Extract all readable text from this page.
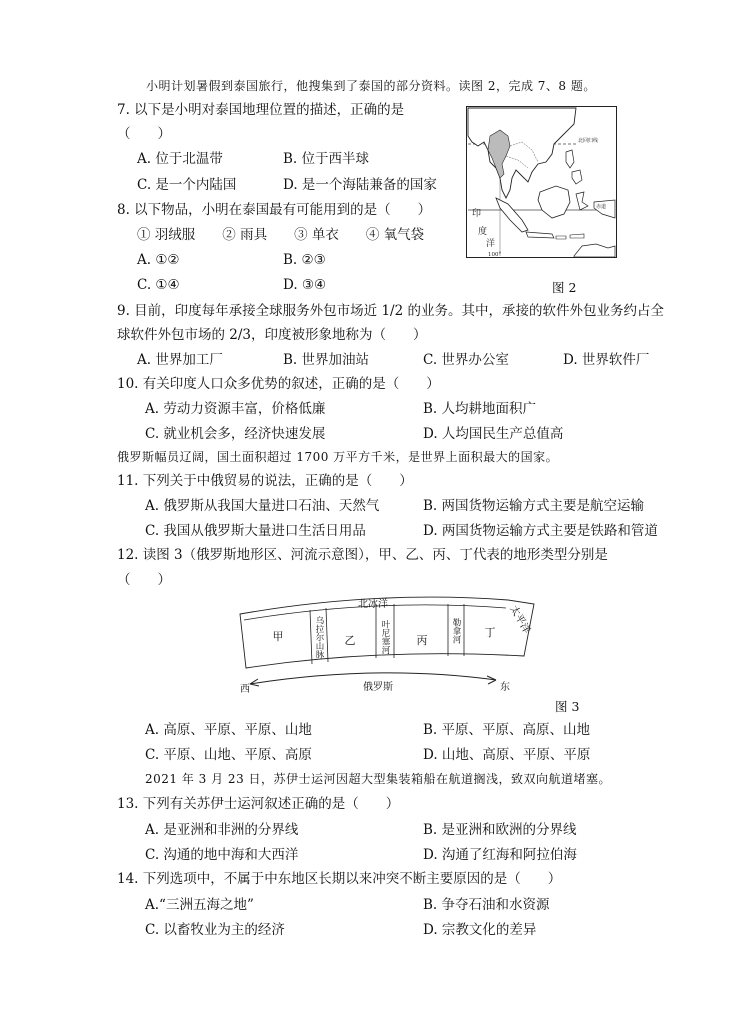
小明计划暑假到泰国旅行，他搜集到了泰国的部分资料。读图 2，完成 7、8 题。
7. 以下是小明对泰国地理位置的描述，正确的是
（　　）
A. 位于北温带	B. 位于西半球
C. 是一个内陆国	D. 是一个海陆兼备的国家
8. 以下物品，小明在泰国最有可能用到的是（　　）
① 羽绒服　　② 雨具　　③ 单衣　　④ 氧气袋
A. ①②	B. ②③
C. ①④	D. ③④
北回归线
赤道
印
度
洋
100°
图 2
9. 目前，印度每年承接全球服务外包市场近 1/2 的业务。其中，承接的软件外包业务约占全
球软件外包市场的 2/3，印度被形象地称为（　　）
A. 世界加工厂	B. 世界加油站	C. 世界办公室	D. 世界软件厂
10. 有关印度人口众多优势的叙述，正确的是（　　）
A. 劳动力资源丰富，价格低廉	B. 人均耕地面积广
C. 就业机会多，经济快速发展	D. 人均国民生产总值高
俄罗斯幅员辽阔，国土面积超过 1700 万平方千米，是世界上面积最大的国家。
11. 下列关于中俄贸易的说法，正确的是（　　）
A. 俄罗斯从我国大量进口石油、天然气	B. 两国货物运输方式主要是航空运输
C. 我国从俄罗斯大量进口生活日用品	D. 两国货物运输方式主要是铁路和管道
12. 读图 3（俄罗斯地形区、河流示意图），甲、乙、丙、丁代表的地形类型分别是
（　　）
北冰洋	太平洋
甲	乙	丙
丁
乌拉尔山脉	叶尼塞河	勒拿河
西	东
俄罗斯
图 3
A. 高原、平原、平原、山地	B. 平原、平原、高原、山地
C. 平原、山地、平原、高原	D. 山地、高原、平原、平原
2021 年 3 月 23 日，苏伊士运河因超大型集装箱船在航道搁浅，致双向航道堵塞。
13. 下列有关苏伊士运河叙述正确的是（　　）
A. 是亚洲和非洲的分界线	B. 是亚洲和欧洲的分界线
C. 沟通的地中海和大西洋	D. 沟通了红海和阿拉伯海
14. 下列选项中，不属于中东地区长期以来冲突不断主要原因的是（　　）
A.“三洲五海之地”	B. 争夺石油和水资源
C. 以畜牧业为主的经济	D. 宗教文化的差异
